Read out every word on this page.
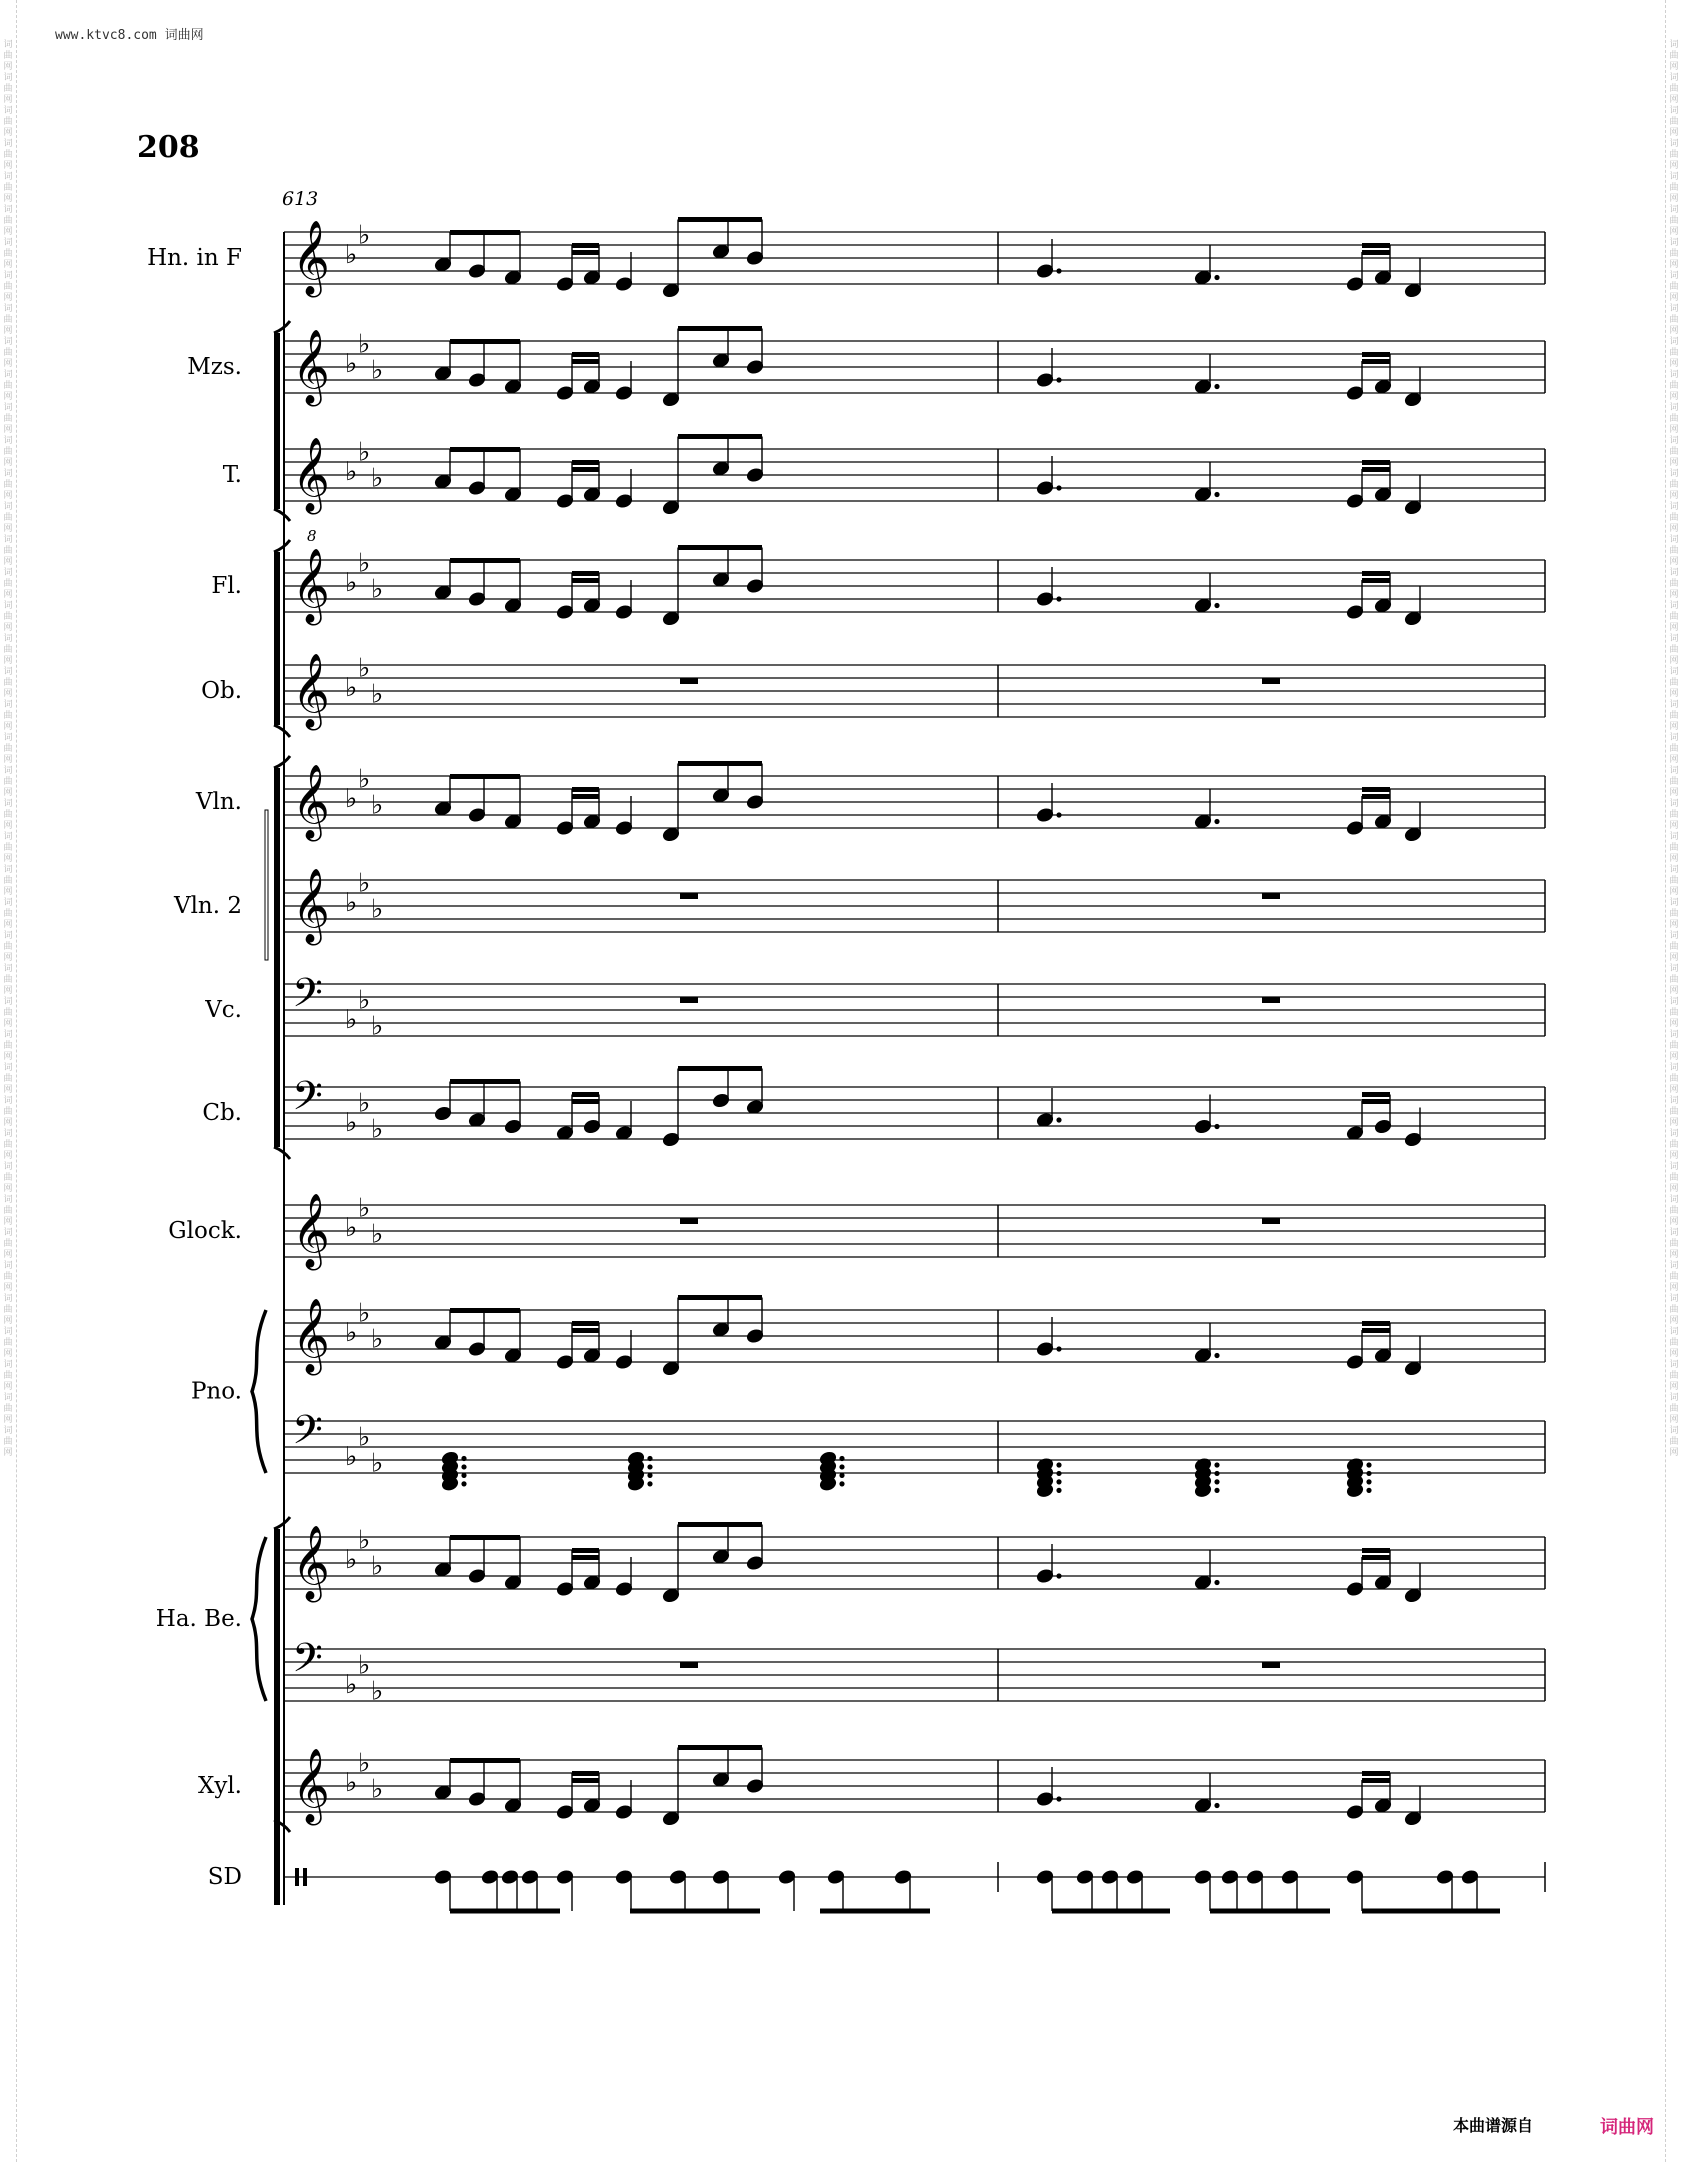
词曲网词曲网词曲网词曲网词曲网词曲网词曲网词曲网词曲网词曲网词曲网词曲网词曲网词曲网词曲网词曲网词曲网词曲网词曲网词曲网词曲网词曲网词曲网词曲网词曲网词曲网词曲网词曲网词曲网词曲网词曲网词曲网词曲网词曲网词曲网词曲网词曲网词曲网词曲网词曲网词曲网词曲网词曲网
词曲网词曲网词曲网词曲网词曲网词曲网词曲网词曲网词曲网词曲网词曲网词曲网词曲网词曲网词曲网词曲网词曲网词曲网词曲网词曲网词曲网词曲网词曲网词曲网词曲网词曲网词曲网词曲网词曲网词曲网词曲网词曲网词曲网词曲网词曲网词曲网词曲网词曲网词曲网词曲网词曲网词曲网词曲网
www.ktvc8.com 词曲网
208
613
𝄞 ♭
♭
Hn. in F
𝄞 ♭
♭
♭
Mzs.
𝄞 ♭
♭
♭
8
T.
𝄞 ♭
♭
♭
Fl.
𝄞 ♭
♭
♭
Ob.
𝄞 ♭
♭
♭
Vln.
𝄞 ♭
♭
♭
Vln. 2
𝄢 ♭
♭
♭
Vc.
𝄢 ♭
♭
♭
Cb.
𝄞 ♭
♭
♭
Glock.
𝄞 ♭
♭
♭
𝄢 ♭
♭
♭
Pno.
𝄞 ♭
♭
♭
𝄢 ♭
♭
♭
Ha. Be.
𝄞 ♭
♭
♭
Xyl.
SD
本曲谱源自	词曲网
